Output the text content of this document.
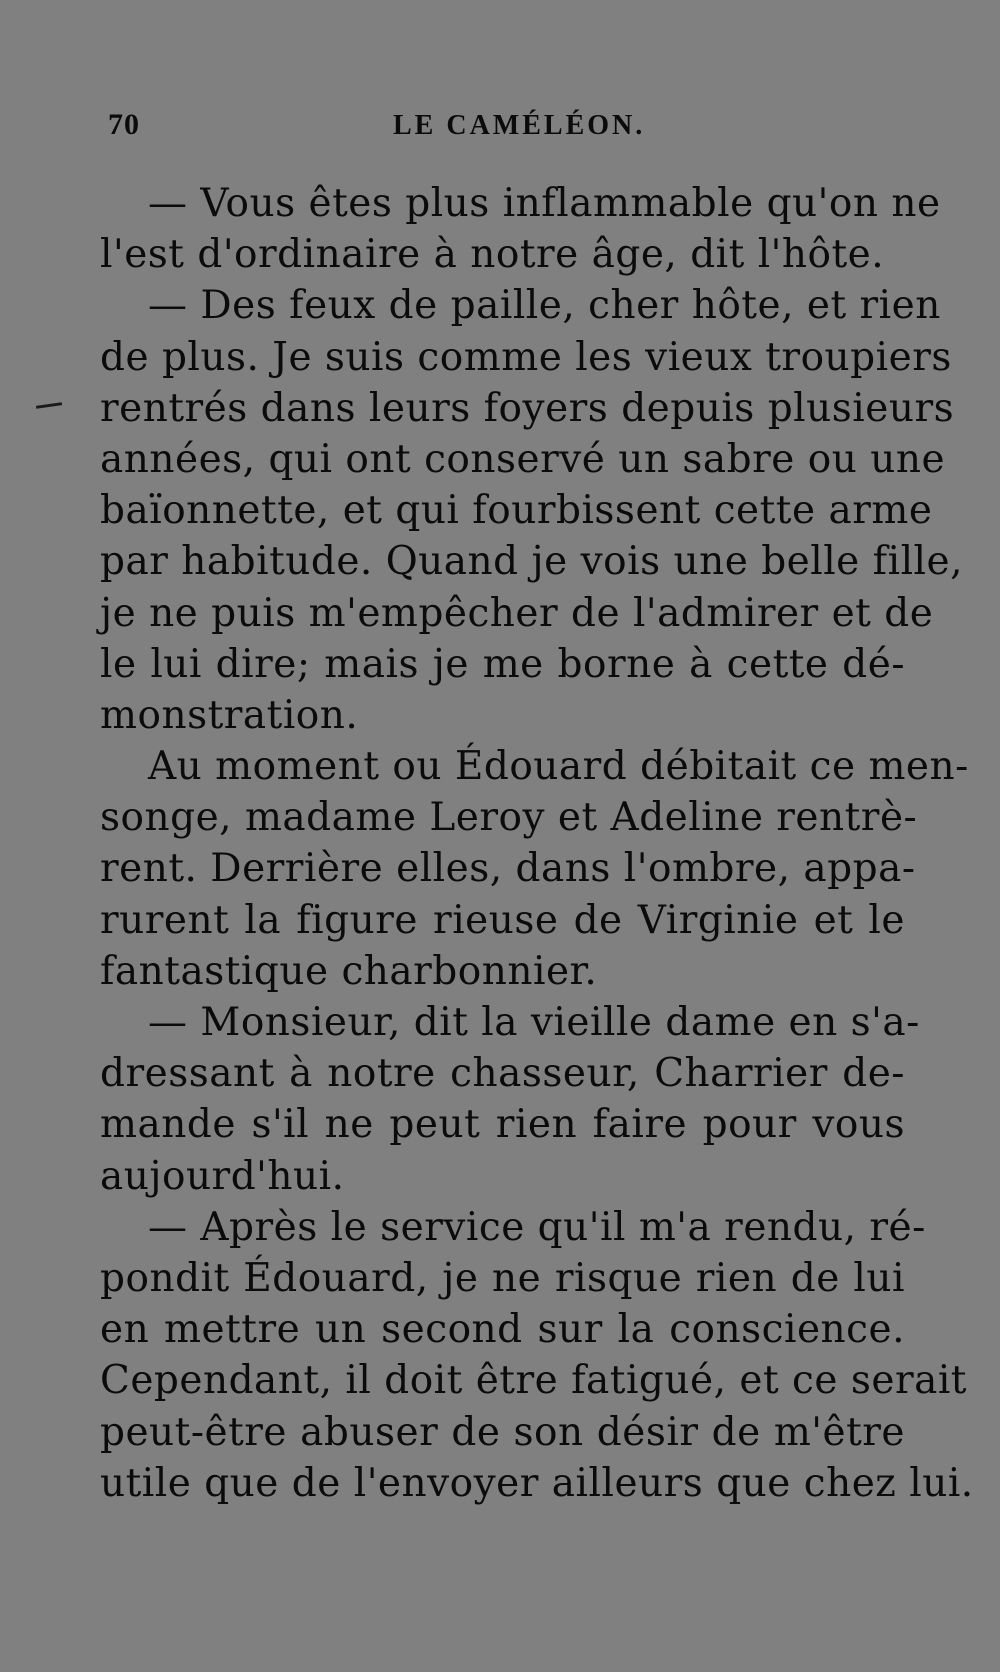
70	LE CAMÉLÉON.
— Vous êtes plus inflammable qu'on ne
l'est d'ordinaire à notre âge, dit l'hôte.
— Des feux de paille, cher hôte, et rien
de plus. Je suis comme les vieux troupiers
rentrés dans leurs foyers depuis plusieurs
années, qui ont conservé un sabre ou une
baïonnette, et qui fourbissent cette arme
par habitude. Quand je vois une belle fille,
je ne puis m'empêcher de l'admirer et de
le lui dire; mais je me borne à cette dé-
monstration.
Au moment ou Édouard débitait ce men-
songe, madame Leroy et Adeline rentrè-
rent. Derrière elles, dans l'ombre, appa-
rurent la figure rieuse de Virginie et le
fantastique charbonnier.
— Monsieur, dit la vieille dame en s'a-
dressant à notre chasseur, Charrier de-
mande s'il ne peut rien faire pour vous
aujourd'hui.
— Après le service qu'il m'a rendu, ré-
pondit Édouard, je ne risque rien de lui
en mettre un second sur la conscience.
Cependant, il doit être fatigué, et ce serait
peut-être abuser de son désir de m'être
utile que de l'envoyer ailleurs que chez lui.
